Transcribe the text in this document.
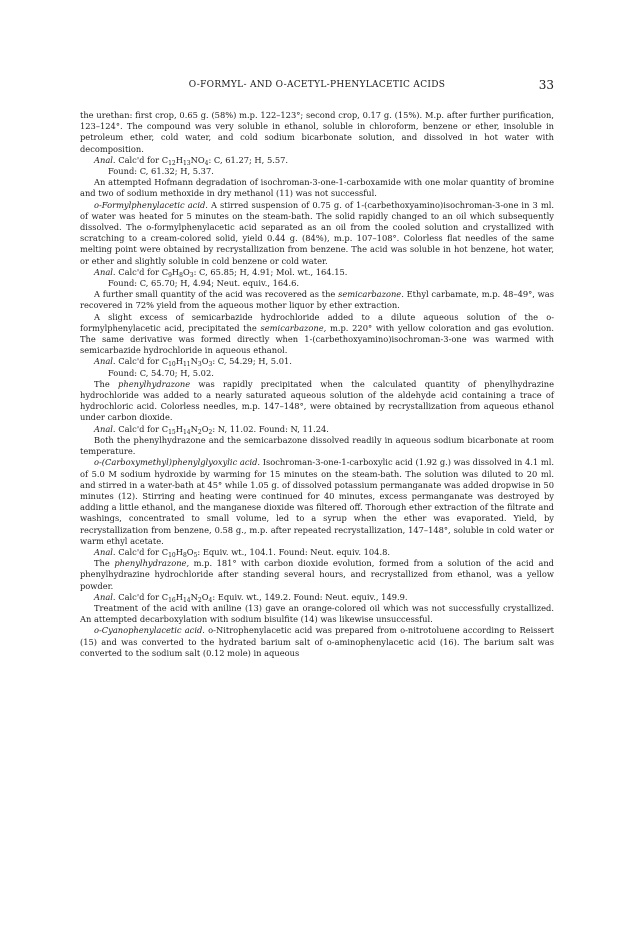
O-FORMYL- AND O-ACETYL-PHENYLACETIC ACIDS	33

the urethan: first crop, 0.65 g. (58%) m.p. 122–123°; second crop, 0.17 g. (15%). M.p. after further purification, 123–124°. The compound was very soluble in ethanol, soluble in chloroform, benzene or ether, insoluble in petroleum ether, cold water, and cold sodium bicarbonate solution, and dissolved in hot water with decomposition.

Anal. Calc'd for $C_{12}H_{13}NO_4$: C, 61.27; H, 5.57.

Found: C, 61.32; H, 5.37.

An attempted Hofmann degradation of isochroman-3-one-1-carboxamide with one molar quantity of bromine and two of sodium methoxide in dry methanol (11) was not successful.

o-Formylphenylacetic acid. A stirred suspension of 0.75 g. of 1-(carbethoxyamino)isochroman-3-one in 3 ml. of water was heated for 5 minutes on the steam-bath. The solid rapidly changed to an oil which subsequently dissolved. The o-formylphenylacetic acid separated as an oil from the cooled solution and crystallized with scratching to a cream-colored solid, yield 0.44 g. (84%), m.p. 107–108°. Colorless flat needles of the same melting point were obtained by recrystallization from benzene. The acid was soluble in hot benzene, hot water, or ether and slightly soluble in cold benzene or cold water.

Anal. Calc'd for $C_9H_8O_3$: C, 65.85; H, 4.91; Mol. wt., 164.15.

Found: C, 65.70; H, 4.94; Neut. equiv., 164.6.

A further small quantity of the acid was recovered as the semicarbazone. Ethyl carbamate, m.p. 48–49°, was recovered in 72% yield from the aqueous mother liquor by ether extraction.

A slight excess of semicarbazide hydrochloride added to a dilute aqueous solution of the o-formylphenylacetic acid, precipitated the semicarbazone, m.p. 220° with yellow coloration and gas evolution. The same derivative was formed directly when 1-(carbethoxyamino)isochroman-3-one was warmed with semicarbazide hydrochloride in aqueous ethanol.

Anal. Calc'd for $C_{10}H_{11}N_3O_3$: C, 54.29; H, 5.01.

Found: C, 54.70; H, 5.02.

The phenylhydrazone was rapidly precipitated when the calculated quantity of phenylhydrazine hydrochloride was added to a nearly saturated aqueous solution of the aldehyde acid containing a trace of hydrochloric acid. Colorless needles, m.p. 147–148°, were obtained by recrystallization from aqueous ethanol under carbon dioxide.

Anal. Calc'd for $C_{15}H_{14}N_2O_2$: N, 11.02. Found: N, 11.24.

Both the phenylhydrazone and the semicarbazone dissolved readily in aqueous sodium bicarbonate at room temperature.

o-(Carboxymethyl)phenylglyoxylic acid. Isochroman-3-one-1-carboxylic acid (1.92 g.) was dissolved in 4.1 ml. of 5.0 M sodium hydroxide by warming for 15 minutes on the steam-bath. The solution was diluted to 20 ml. and stirred in a water-bath at 45° while 1.05 g. of dissolved potassium permanganate was added dropwise in 50 minutes (12). Stirring and heating were continued for 40 minutes, excess permanganate was destroyed by adding a little ethanol, and the manganese dioxide was filtered off. Thorough ether extraction of the filtrate and washings, concentrated to small volume, led to a syrup when the ether was evaporated. Yield, by recrystallization from benzene, 0.58 g., m.p. after repeated recrystallization, 147–148°, soluble in cold water or warm ethyl acetate.

Anal. Calc'd for $C_{10}H_8O_5$: Equiv. wt., 104.1. Found: Neut. equiv. 104.8.

The phenylhydrazone, m.p. 181° with carbon dioxide evolution, formed from a solution of the acid and phenylhydrazine hydrochloride after standing several hours, and recrystallized from ethanol, was a yellow powder.

Anal. Calc'd for $C_{16}H_{14}N_2O_4$: Equiv. wt., 149.2. Found: Neut. equiv., 149.9.

Treatment of the acid with aniline (13) gave an orange-colored oil which was not successfully crystallized. An attempted decarboxylation with sodium bisulfite (14) was likewise unsuccessful.

o-Cyanophenylacetic acid. o-Nitrophenylacetic acid was prepared from o-nitrotoluene according to Reissert (15) and was converted to the hydrated barium salt of o-aminophenylacetic acid (16). The barium salt was converted to the sodium salt (0.12 mole) in aqueous
